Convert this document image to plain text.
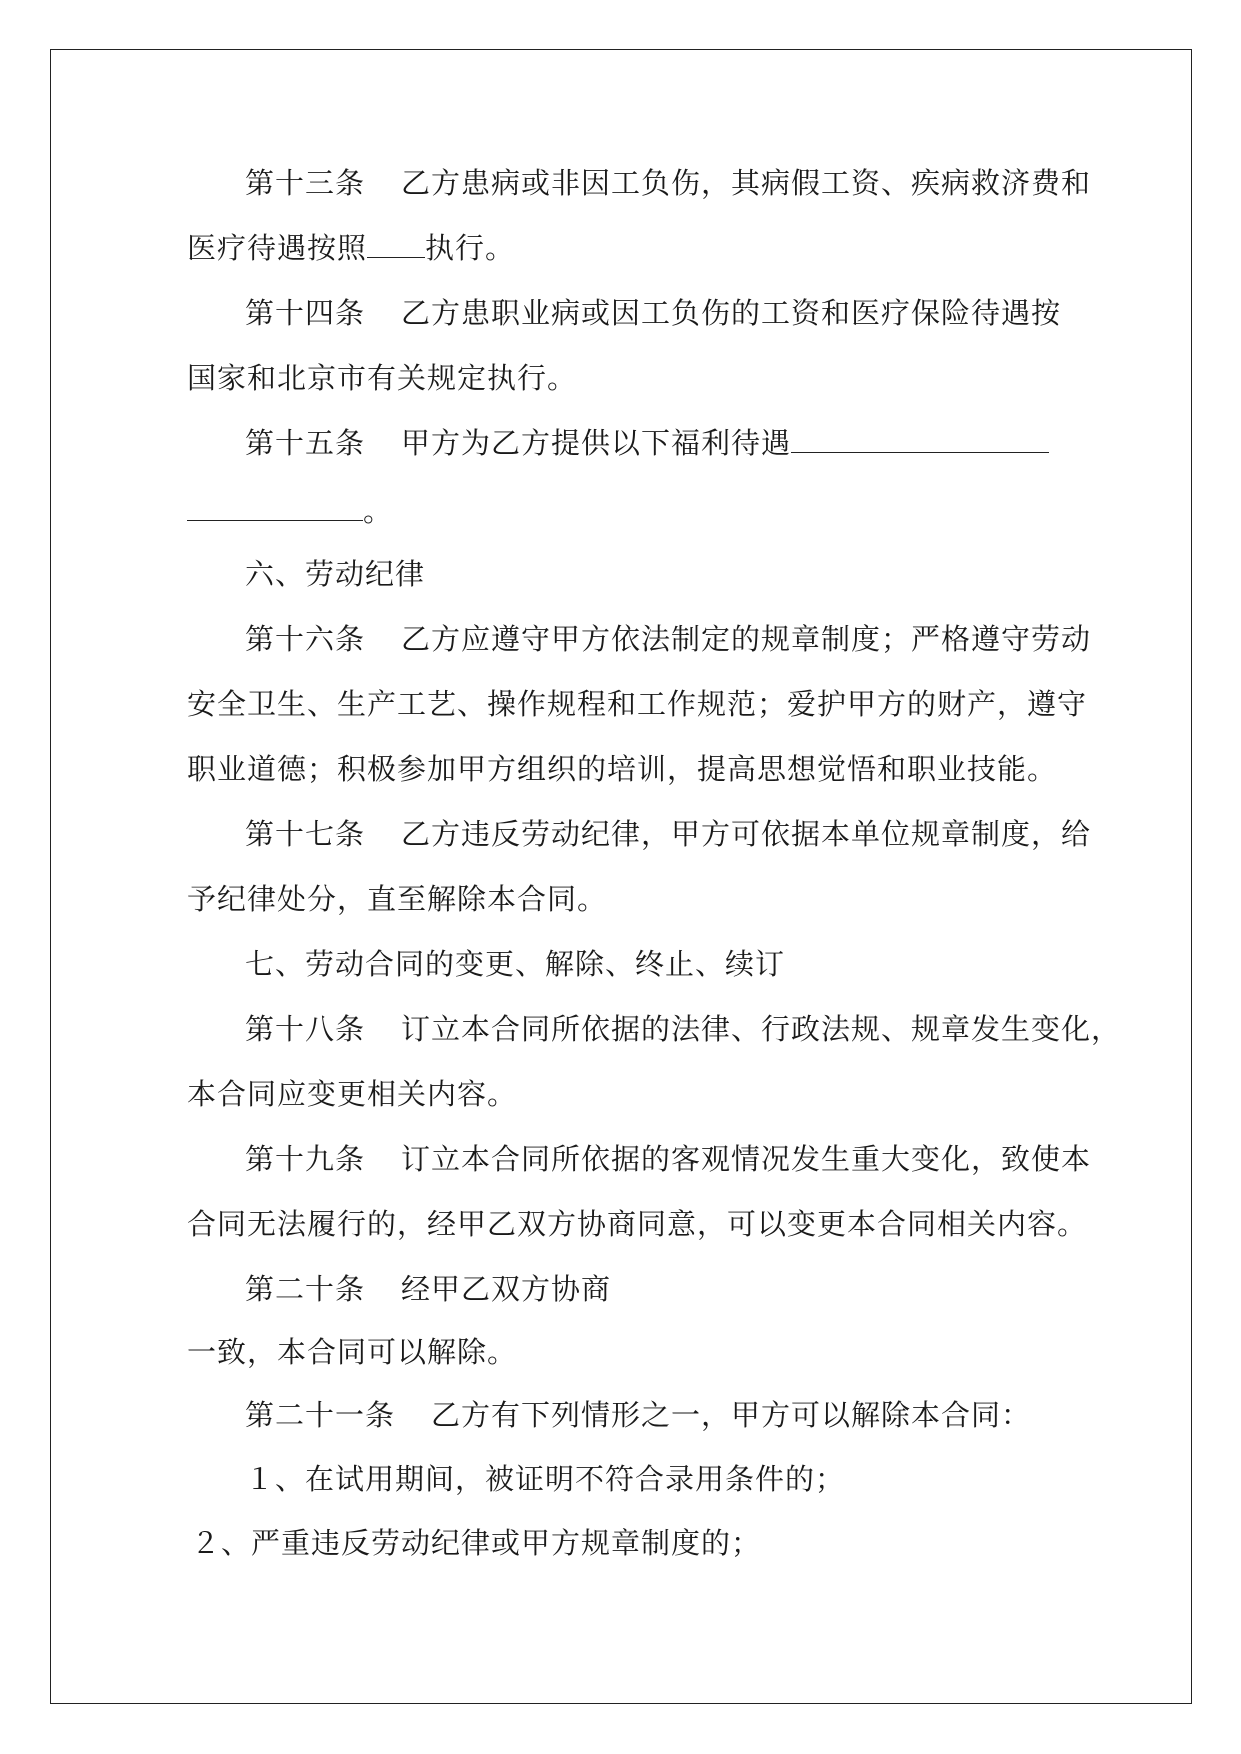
第十三条 乙方患病或非因工负伤，其病假工资、疾病救济费和
医疗待遇按照 执行。
第十四条 乙方患职业病或因工负伤的工资和医疗保险待遇按
国家和北京市有关规定执行。
第十五条 甲方为乙方提供以下福利待遇
。
六、劳动纪律
第十六条 乙方应遵守甲方依法制定的规章制度；严格遵守劳动
安全卫生、生产工艺、操作规程和工作规范；爱护甲方的财产，遵守
职业道德；积极参加甲方组织的培训，提高思想觉悟和职业技能。
第十七条 乙方违反劳动纪律，甲方可依据本单位规章制度，给
予纪律处分，直至解除本合同。
七、劳动合同的变更、解除、终止、续订
第十八条 订立本合同所依据的法律、行政法规、规章发生变化，
本合同应变更相关内容。
第十九条 订立本合同所依据的客观情况发生重大变化，致使本
合同无法履行的，经甲乙双方协商同意，可以变更本合同相关内容。
第二十条 经甲乙双方协商
一致，本合同可以解除。
第二十一条 乙方有下列情形之一，甲方可以解除本合同：
１、在试用期间，被证明不符合录用条件的；
２、严重违反劳动纪律或甲方规章制度的；
